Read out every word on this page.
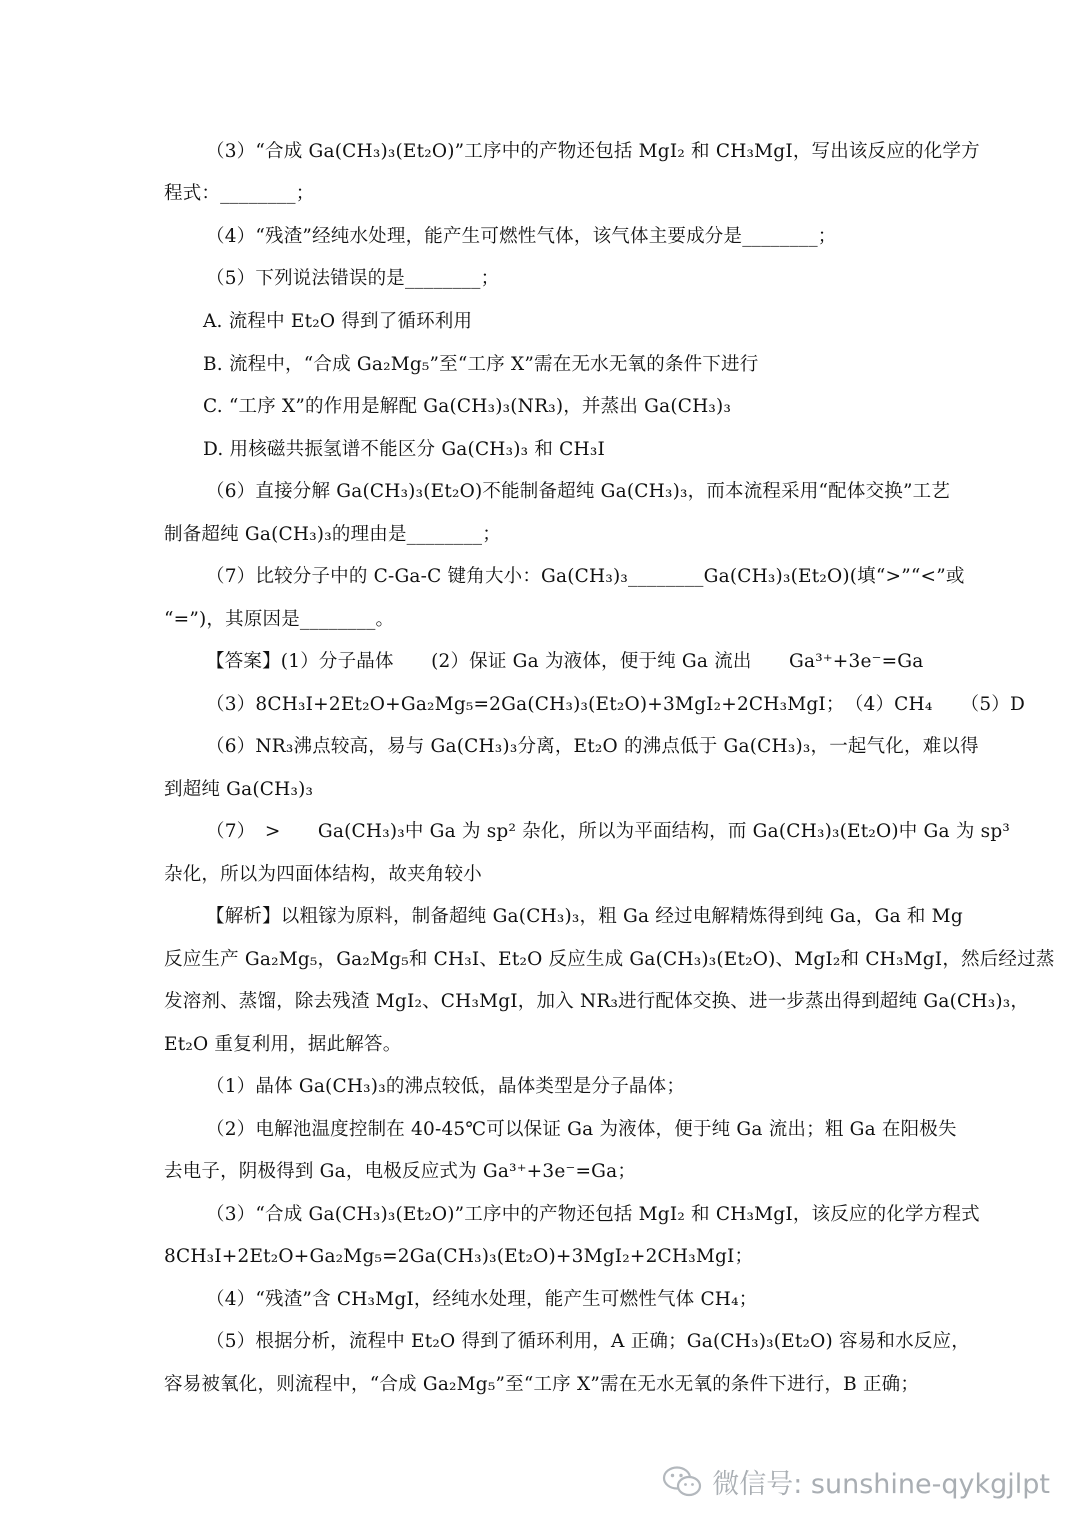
（3）“合成 Ga(CH₃)₃(Et₂O)”工序中的产物还包括 MgI₂ 和 CH₃MgI，写出该反应的化学方
程式：________；
（4）“残渣”经纯水处理，能产生可燃性气体，该气体主要成分是________；
（5）下列说法错误的是________；
A. 流程中 Et₂O 得到了循环利用
B. 流程中，“合成 Ga₂Mg₅”至“工序 X”需在无水无氧的条件下进行
C. “工序 X”的作用是解配 Ga(CH₃)₃(NR₃)，并蒸出 Ga(CH₃)₃
D. 用核磁共振氢谱不能区分 Ga(CH₃)₃ 和 CH₃I
（6）直接分解 Ga(CH₃)₃(Et₂O)不能制备超纯 Ga(CH₃)₃，而本流程采用“配体交换”工艺
制备超纯 Ga(CH₃)₃的理由是________；
（7）比较分子中的 C-Ga-C 键角大小：Ga(CH₃)₃________Ga(CH₃)₃(Et₂O)(填“>”“<”或
“=”)，其原因是________。
【答案】(1）分子晶体　　(2）保证 Ga 为液体，便于纯 Ga 流出　　Ga³⁺+3e⁻=Ga
（3）8CH₃I+2Et₂O+Ga₂Mg₅=2Ga(CH₃)₃(Et₂O)+3MgI₂+2CH₃MgI；　（4）CH₄　　（5）D
（6）NR₃沸点较高，易与 Ga(CH₃)₃分离，Et₂O 的沸点低于 Ga(CH₃)₃，一起气化，难以得
到超纯 Ga(CH₃)₃
（7）　>　　Ga(CH₃)₃中 Ga 为 sp² 杂化，所以为平面结构，而 Ga(CH₃)₃(Et₂O)中 Ga 为 sp³
杂化，所以为四面体结构，故夹角较小
【解析】以粗镓为原料，制备超纯 Ga(CH₃)₃，粗 Ga 经过电解精炼得到纯 Ga，Ga 和 Mg
反应生产 Ga₂Mg₅，Ga₂Mg₅和 CH₃I、Et₂O 反应生成 Ga(CH₃)₃(Et₂O)、MgI₂和 CH₃MgI，然后经过蒸
发溶剂、蒸馏，除去残渣 MgI₂、CH₃MgI，加入 NR₃进行配体交换、进一步蒸出得到超纯 Ga(CH₃)₃，
Et₂O 重复利用，据此解答。
（1）晶体 Ga(CH₃)₃的沸点较低，晶体类型是分子晶体；
（2）电解池温度控制在 40-45℃可以保证 Ga 为液体，便于纯 Ga 流出；粗 Ga 在阳极失
去电子，阴极得到 Ga，电极反应式为 Ga³⁺+3e⁻=Ga；
（3）“合成 Ga(CH₃)₃(Et₂O)”工序中的产物还包括 MgI₂ 和 CH₃MgI，该反应的化学方程式
8CH₃I+2Et₂O+Ga₂Mg₅=2Ga(CH₃)₃(Et₂O)+3MgI₂+2CH₃MgI；
（4）“残渣”含 CH₃MgI，经纯水处理，能产生可燃性气体 CH₄；
（5）根据分析，流程中 Et₂O 得到了循环利用，A 正确；Ga(CH₃)₃(Et₂O) 容易和水反应，
容易被氧化，则流程中，“合成 Ga₂Mg₅”至“工序 X”需在无水无氧的条件下进行，B 正确；
微信号: sunshine-qykgjlpt
